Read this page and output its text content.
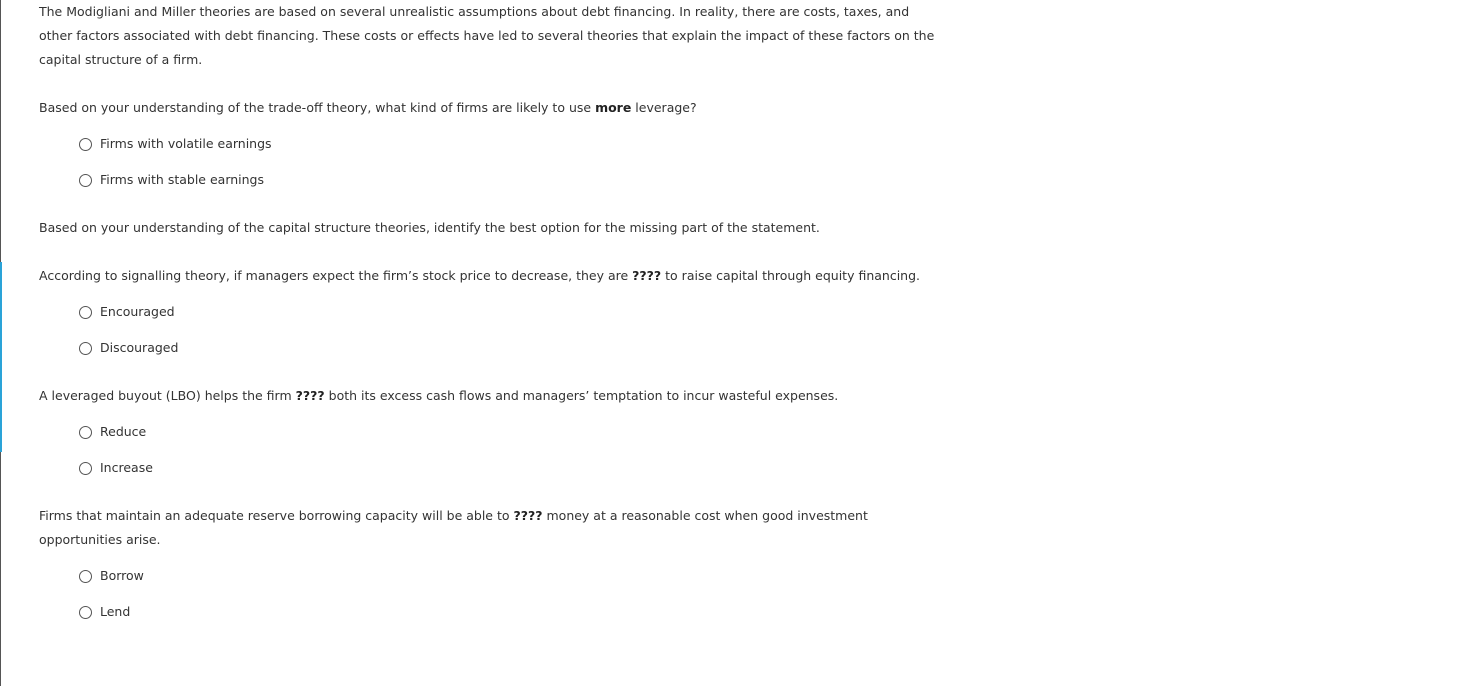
The Modigliani and Miller theories are based on several unrealistic assumptions about debt financing. In reality, there are costs, taxes, and other factors associated with debt financing. These costs or effects have led to several theories that explain the impact of these factors on the capital structure of a firm.

Based on your understanding of the trade-off theory, what kind of firms are likely to use more leverage?

Firms with volatile earnings
Firms with stable earnings

Based on your understanding of the capital structure theories, identify the best option for the missing part of the statement.

According to signalling theory, if managers expect the firm’s stock price to decrease, they are ???? to raise capital through equity financing.

Encouraged
Discouraged

A leveraged buyout (LBO) helps the firm ???? both its excess cash flows and managers’ temptation to incur wasteful expenses.

Reduce
Increase

Firms that maintain an adequate reserve borrowing capacity will be able to ???? money at a reasonable cost when good investment opportunities arise.

Borrow
Lend
